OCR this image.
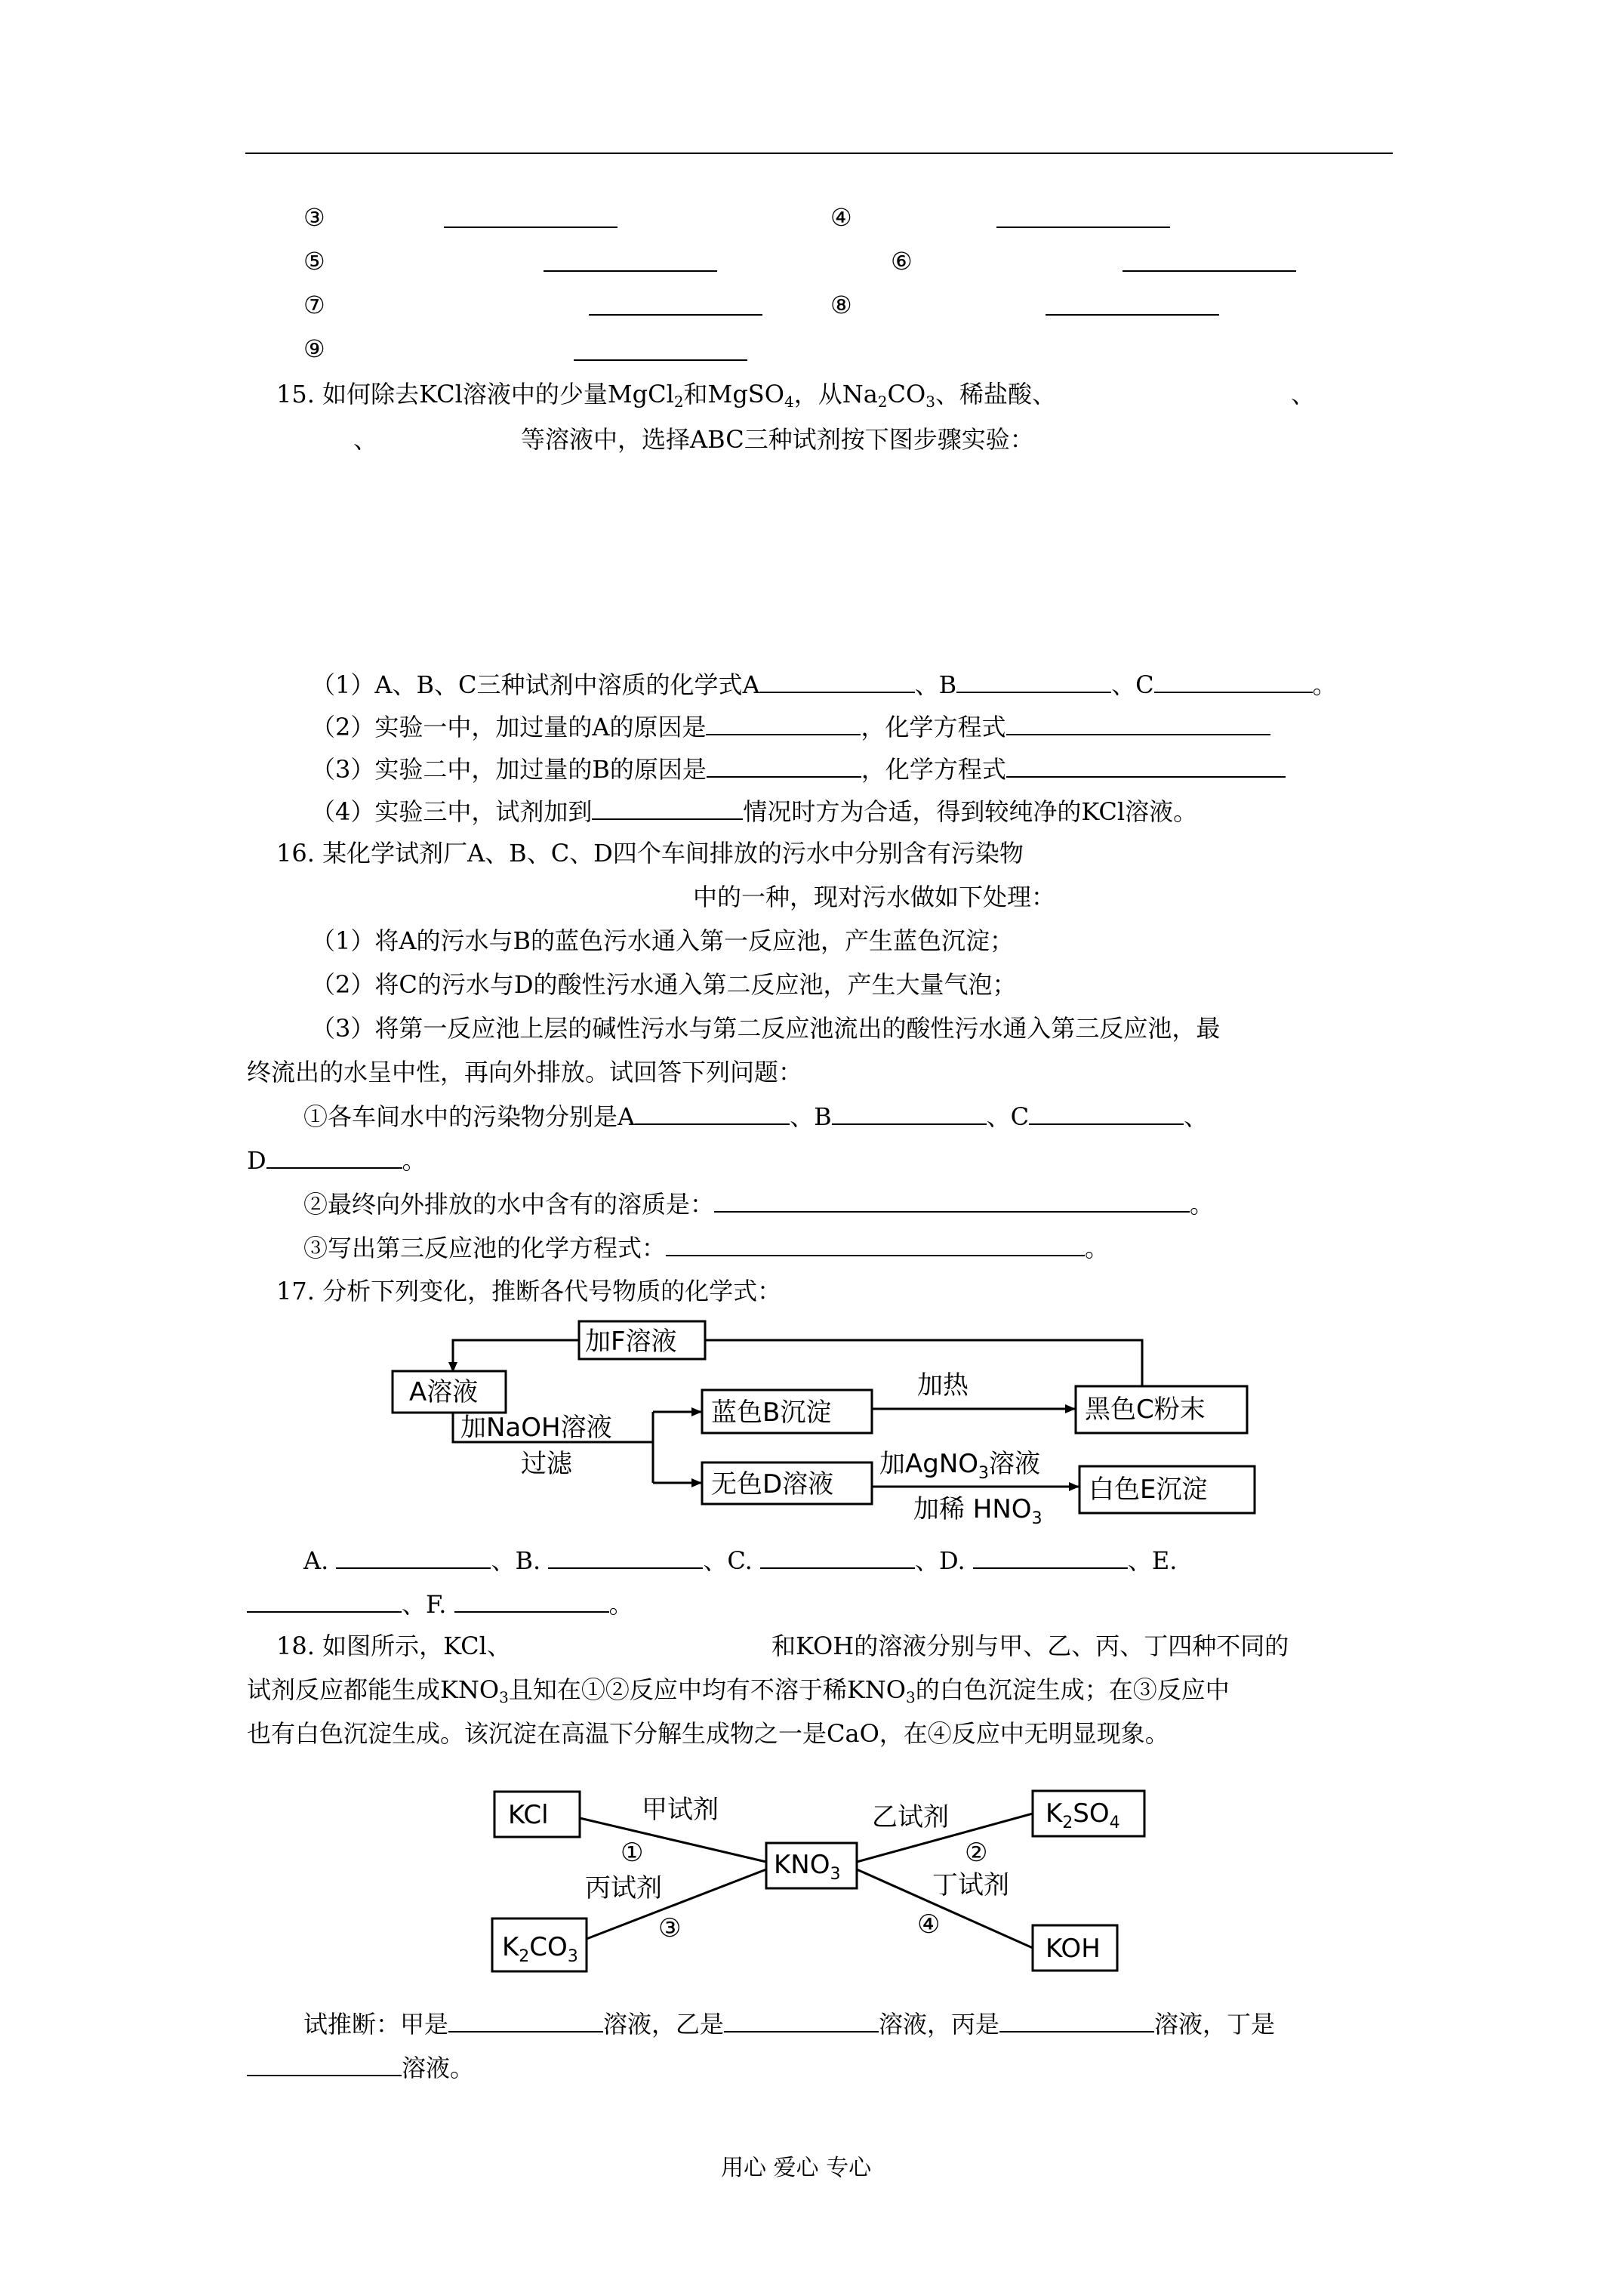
③	④
⑤	⑥
⑦	⑧
⑨
15. 如何除去KCl溶液中的少量MgCl$_2$和MgSO$_4$，从$Na_2CO_3$、稀盐酸、	、
、	等溶液中，选择ABC三种试剂按下图步骤实验：
（1）A、B、C三种试剂中溶质的化学式A	、B	、C	。
（2）实验一中，加过量的A的原因是	，化学方程式
（3）实验二中，加过量的B的原因是	，化学方程式
（4）实验三中，试剂加到	情况时方为合适，得到较纯净的KCl溶液。
16. 某化学试剂厂A、B、C、D四个车间排放的污水中分别含有污染物
中的一种，现对污水做如下处理：
（1）将A的污水与B的蓝色污水通入第一反应池，产生蓝色沉淀；
（2）将C的污水与D的酸性污水通入第二反应池，产生大量气泡；
（3）将第一反应池上层的碱性污水与第二反应池流出的酸性污水通入第三反应池，最
终流出的水呈中性，再向外排放。试回答下列问题：
①各车间水中的污染物分别是A	、B	、C	、
D	。
②最终向外排放的水中含有的溶质是：	。
③写出第三反应池的化学方程式：	。
17. 分析下列变化，推断各代号物质的化学式：
加F溶液
A溶液
加NaOH溶液
过滤
蓝色B沉淀
加热
黑色C粉末
无色D溶液
加AgNO$_3$溶液
加稀 $HNO_3$
白色E沉淀
A.	、B.	、C.	、D.	、E.
、F.	。
18. 如图所示，KCl、	和KOH的溶液分别与甲、乙、丙、丁四种不同的
试剂反应都能生成$KNO_3$且知在①②反应中均有不溶于稀$KNO_3$的白色沉淀生成；在③反应中
也有白色沉淀生成。该沉淀在高温下分解生成物之一是CaO，在④反应中无明显现象。
KCl
$K_2CO_3$
$KNO_3$
$K_2SO_4$
KOH
甲试剂	乙试剂
丙试剂	丁试剂
①	②
③	④
试推断：甲是	溶液，乙是	溶液，丙是	溶液，丁是
溶液。
用心 爱心 专心
